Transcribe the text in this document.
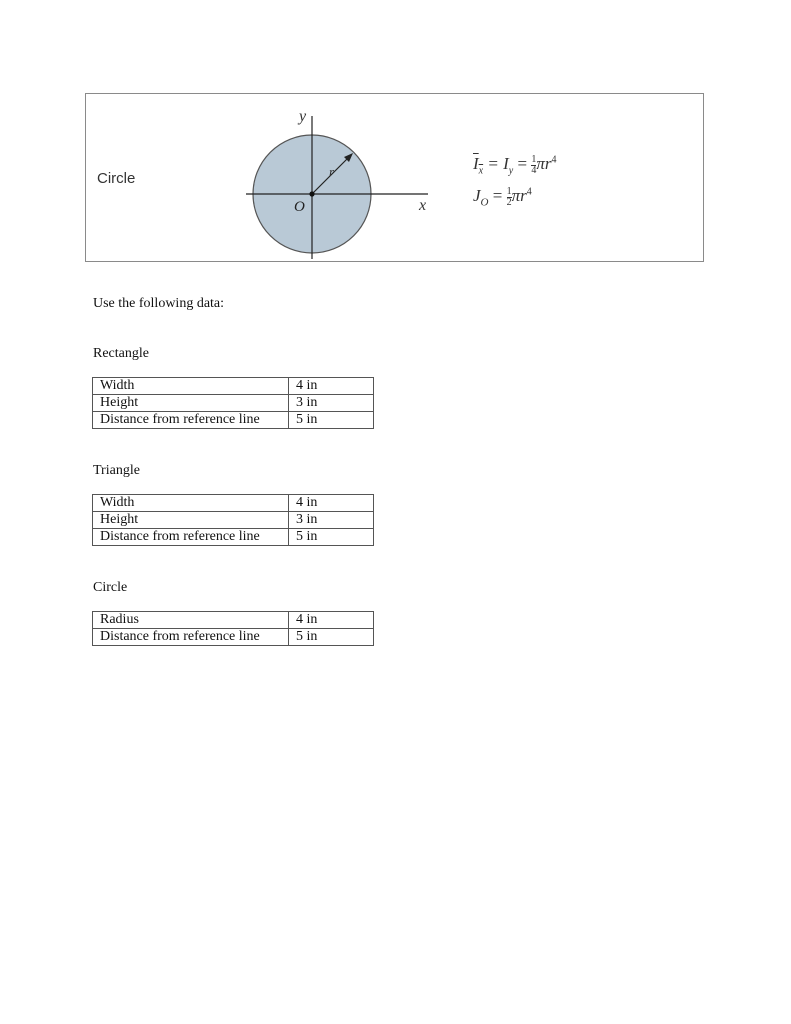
Circle
y
x
O
r	$I_x = I_y = \frac{1}{4} \pi r^4$
$J_O = \frac{1}{2} \pi r^4$
Use the following data:
Rectangle
Width	4 in
Height	3 in
Distance from reference line	5 in
Triangle
Width	4 in
Height	3 in
Distance from reference line	5 in
Circle
Radius	4 in
Distance from reference line	5 in
